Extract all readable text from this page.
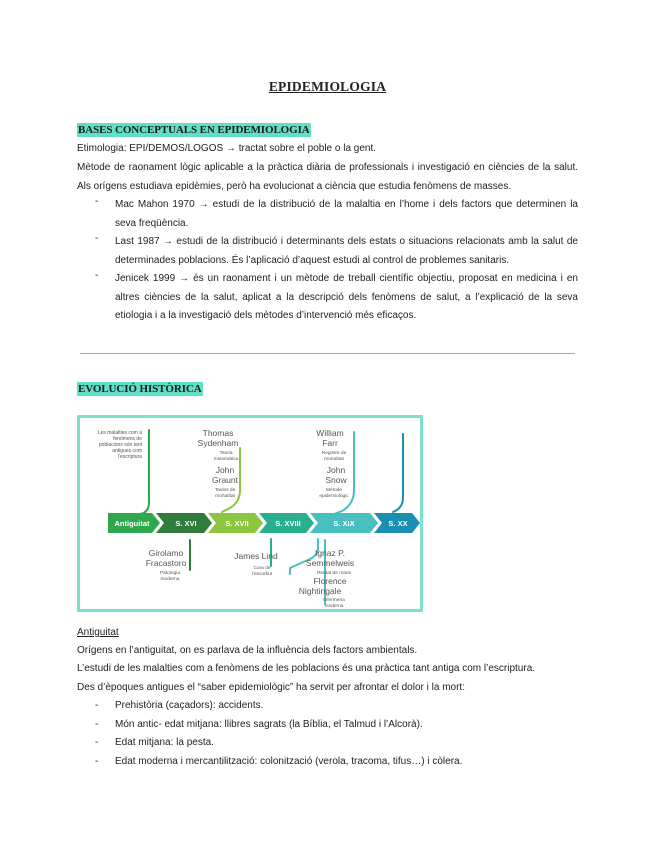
EPIDEMIOLOGIA
BASES CONCEPTUALS EN EPIDEMIOLOGIA
Etimologia: EPI/DEMOS/LOGOS → tractat sobre el poble o la gent.
Mètode de raonament lògic aplicable a la pràctica diària de professionals i investigació en ciències de la salut. Als orígens estudiava epidèmies, però ha evolucionat a ciència que estudia fenòmens de masses.
- Mac Mahon 1970 → estudi de la distribució de la malaltia en l’home i dels factors que determinen la seva freqüència.
- Last 1987 → estudi de la distribució i determinants dels estats o situacions relacionats amb la salut de determinades poblacions. És l’aplicació d’aquest estudi al control de problemes sanitaris.
- Jenicek 1999 → és un raonament i un mètode de treball científic objectiu, proposat en medicina i en altres ciències de la salut, aplicat a la descripció dels fenòmens de salut, a l’explicació de la seva etiologia i a la investigació dels mètodes d’intervenció més eficaços.
EVOLUCIÓ HISTÒRICA
Antiguitat	S. XVI	S. XVII	S. XVIII	S. XIX	S. XX
Les malalties com a
fenòmens de
poblacions són tant
antigues com
l’escriptura
Thomas
Sydenham
John
Graunt
William
Farr
John
Snow
Teoria
miasmàtica
Taules de
mortalitat
Registre de
mortalitat
Mètode
epidemiològic
Girolamo
Fracastoro
James Lind	Ignaz P.
Semmelweis
Florence
Nightingale
Patologia
moderna
Cura de
l’escorbut	Rentat de mans
Infermeria
moderna
Antiguitat
Orígens en l’antiguitat, on es parlava de la influència dels factors ambientals.
L’estudi de les malalties com a fenòmens de les poblacions és una pràctica tant antiga com l’escriptura.
Des d’èpoques antigues el “saber epidemiològic” ha servit per afrontar el dolor i la mort:
- Prehistòria (caçadors): accidents.
- Món antic- edat mitjana: llibres sagrats (la Bíblia, el Talmud i l’Alcorà).
- Edat mitjana: la pesta.
- Edat moderna i mercantilització: colonització (verola, tracoma, tifus…) i còlera.
